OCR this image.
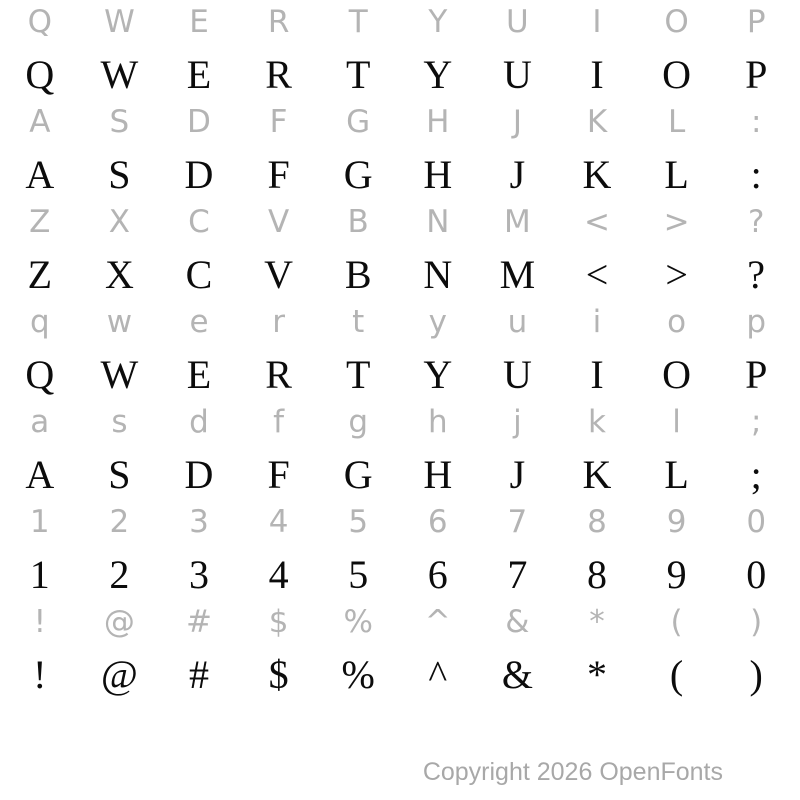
Q
Q
W
W
E
E
R
R
T
T
Y
Y
U
U
I
I
O
O
P
P
A
A
S
S
D
D
F
F
G
G
H
H
J
J
K
K
L
L
:
:
Z
Z
X
X
C
C
V
V
B
B
N
N
M
M
<
<
>
>
?
?
q
Q
w
W
e
E
r
R
t
T
y
Y
u
U
i
I
o
O
p
P
a
A
s
S
d
D
f
F
g
G
h
H
j
J
k
K
l
L
;
;
1
1
2
2
3
3
4
4
5
5
6
6
7
7
8
8
9
9
0
0
!
!
@
@
#
#
$
$
%
%
^
^
&
&
*
*
(
(
)
)
Copyright 2026 OpenFonts
